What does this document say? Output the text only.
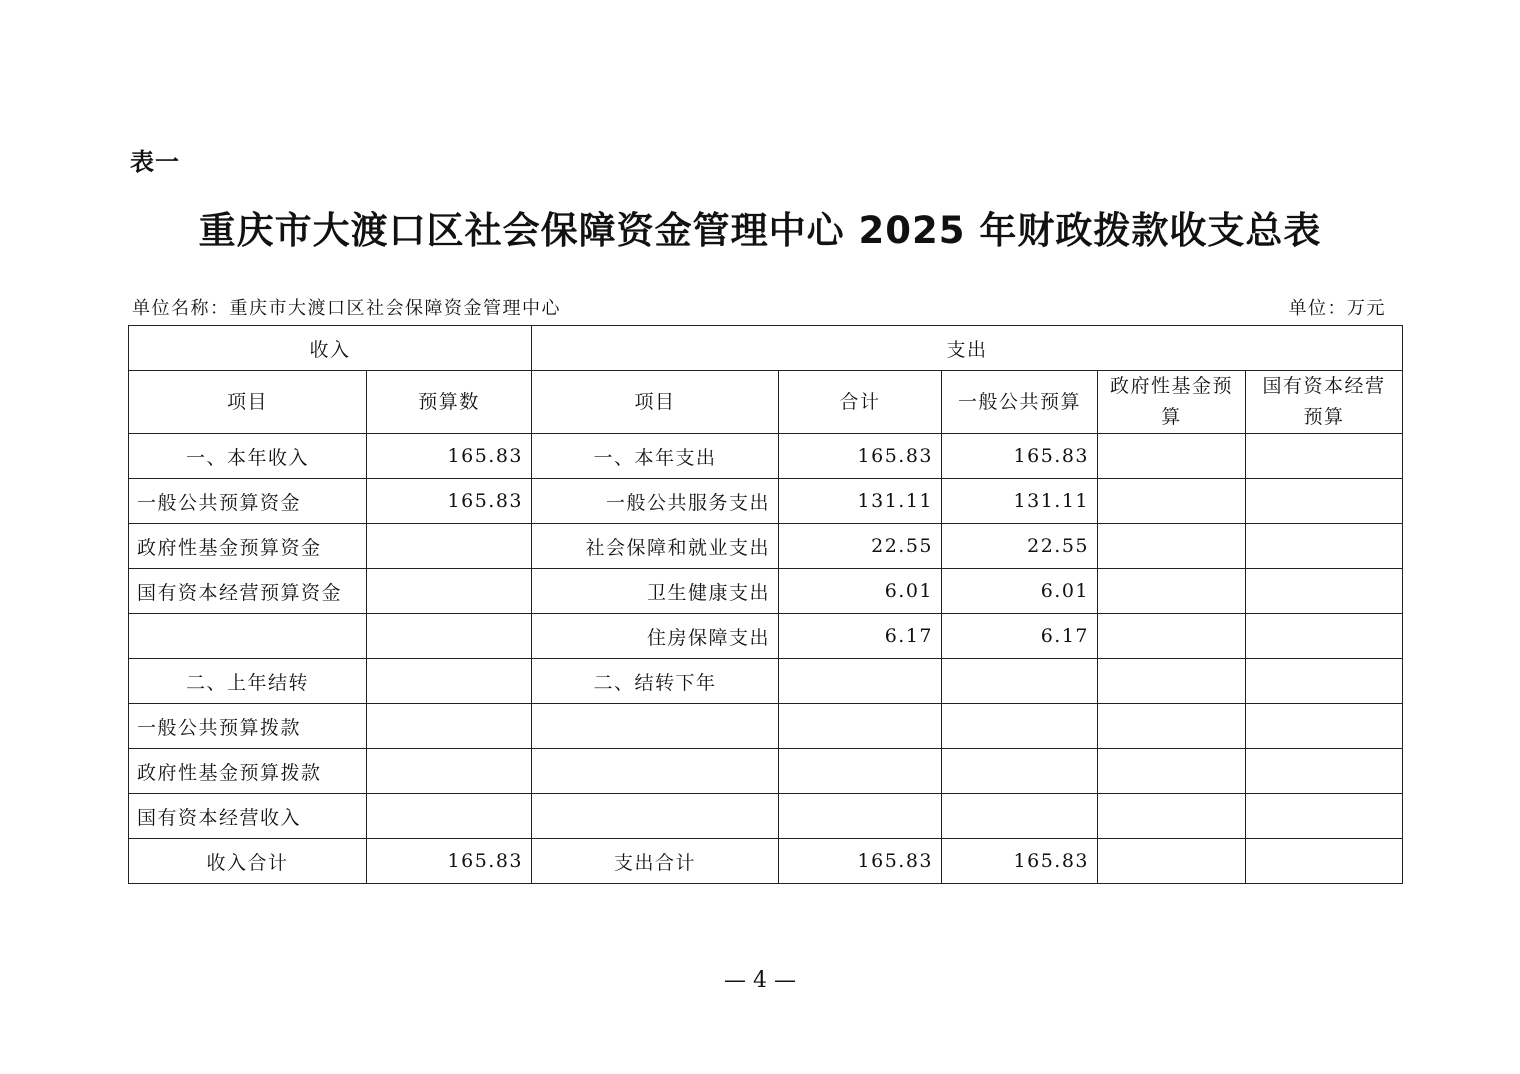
表一
重庆市大渡口区社会保障资金管理中心 2025 年财政拨款收支总表
单位名称：重庆市大渡口区社会保障资金管理中心	单位：万元
收入		支出				
项目	预算数	项目	合计	一般公共预算	政府性基金预算	国有资本经营预算
一、本年收入	165.83	一、本年支出	165.83	165.83		
一般公共预算资金	165.83	一般公共服务支出	131.11	131.11		
政府性基金预算资金		社会保障和就业支出	22.55	22.55		
国有资本经营预算资金		卫生健康支出	6.01	6.01		
		住房保障支出	6.17	6.17		
二、上年结转		二、结转下年				
一般公共预算拨款						
政府性基金预算拨款						
国有资本经营收入						
收入合计	165.83	支出合计	165.83	165.83		
— 4 —
